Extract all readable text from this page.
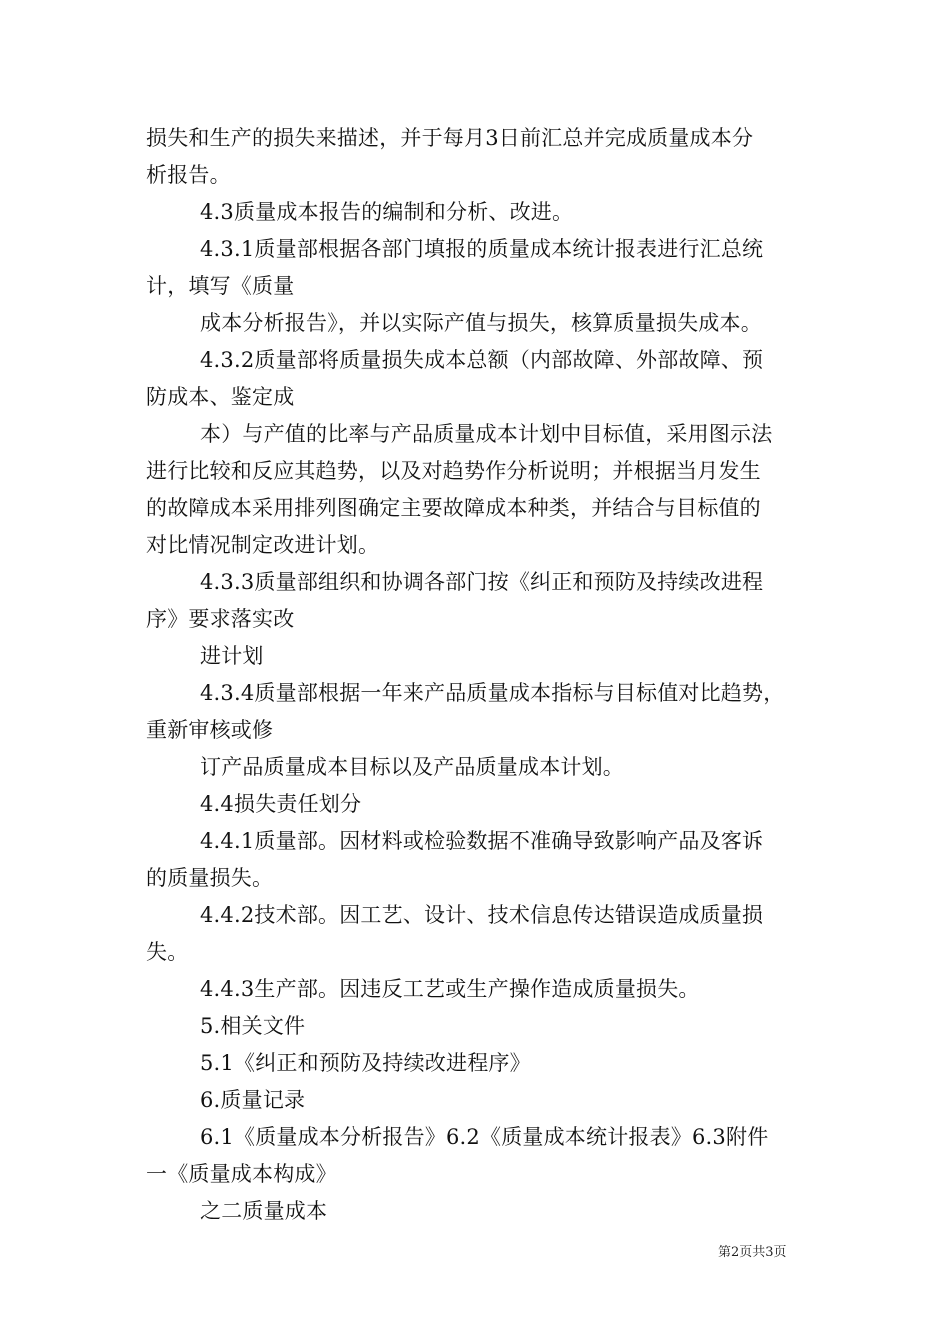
损失和生产的损失来描述，并于每月3日前汇总并完成质量成本分
析报告。
4.3质量成本报告的编制和分析、改进。
4.3.1质量部根据各部门填报的质量成本统计报表进行汇总统
计，填写《质量
成本分析报告》，并以实际产值与损失，核算质量损失成本。
4.3.2质量部将质量损失成本总额（内部故障、外部故障、预
防成本、鉴定成
本）与产值的比率与产品质量成本计划中目标值，采用图示法
进行比较和反应其趋势，以及对趋势作分析说明；并根据当月发生
的故障成本采用排列图确定主要故障成本种类，并结合与目标值的
对比情况制定改进计划。
4.3.3质量部组织和协调各部门按《纠正和预防及持续改进程
序》要求落实改
进计划
4.3.4质量部根据一年来产品质量成本指标与目标值对比趋势，
重新审核或修
订产品质量成本目标以及产品质量成本计划。
4.4损失责任划分
4.4.1质量部。因材料或检验数据不准确导致影响产品及客诉
的质量损失。
4.4.2技术部。因工艺、设计、技术信息传达错误造成质量损
失。
4.4.3生产部。因违反工艺或生产操作造成质量损失。
5.相关文件
5.1《纠正和预防及持续改进程序》
6.质量记录
6.1《质量成本分析报告》6.2《质量成本统计报表》6.3附件
一《质量成本构成》
之二质量成本
第2页共3页
